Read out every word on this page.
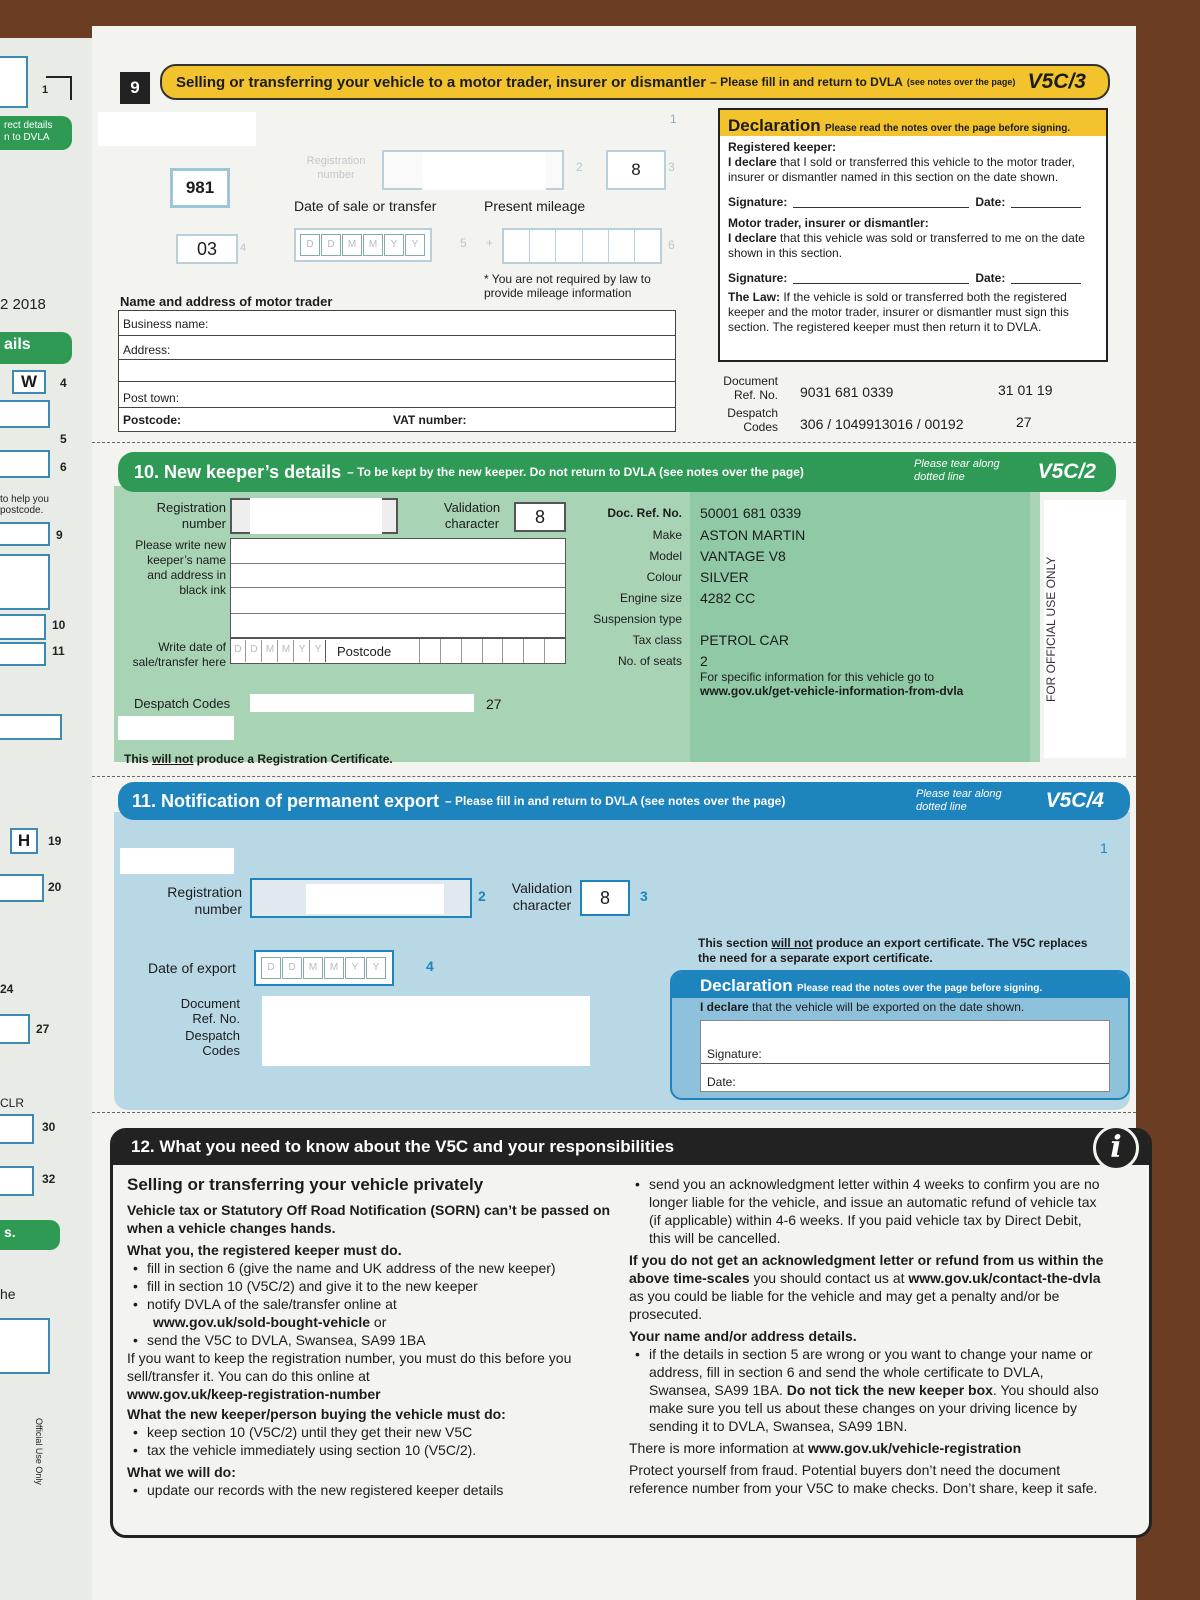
1
rect details
n to DVLA
2 2018
ails
W	4
5
6
to help you
postcode.
9
10
11
H	19
20
24
27
CLR
30
32
s.
he
Official Use Only
9	Selling or transferring your vehicle to a motor trader, insurer or dismantler – Please fill in and return to DVLA (see notes over the page) V5C/3
1
981
Registration number
2	8	3
Date of sale or transfer	Present mileage
03	4	D D M M Y Y	5 +	6
* You are not required by law to provide mileage information
Name and address of motor trader
Business name:
Address:
Post town:
Postcode:	VAT number:
Declaration Please read the notes over the page before signing.
Registered keeper:
I declare that I sold or transferred this vehicle to the motor trader, insurer or dismantler named in this section on the date shown.
Signature:	Date:
Motor trader, insurer or dismantler:
I declare that this vehicle was sold or transferred to me on the date shown in this section.
Signature:	Date:
The Law: If the vehicle is sold or transferred both the registered keeper and the motor trader, insurer or dismantler must sign this section. The registered keeper must then return it to DVLA.
Document Ref. No. 9031 681 0339	31 01 19
Despatch Codes 306 / 1049913016 / 00192	27
10. New keeper’s details – To be kept by the new keeper. Do not return to DVLA (see notes over the page)
Please tear along dotted line	V5C/2
Registration number
Validation character	8
Please write new keeper’s name and address in black ink
Write date of sale/transfer here
D D M M Y Y	Postcode
Despatch Codes	27
This will not produce a Registration Certificate.
Doc. Ref. No. 50001 681 0339
Make ASTON MARTIN
Model VANTAGE V8
Colour SILVER
Engine size 4282 CC
Suspension type
Tax class PETROL CAR
No. of seats 2
For specific information for this vehicle go to
www.gov.uk/get-vehicle-information-from-dvla	FOR OFFICIAL USE ONLY
11. Notification of permanent export – Please fill in and return to DVLA (see notes over the page)	Please tear along dotted line	V5C/4
1
Registration number
2	Validation character	8	3
Date of export	D D M M Y Y	4
Document Ref. No.
Despatch Codes
This section will not produce an export certificate. The V5C replaces the need for a separate export certificate.
Declaration Please read the notes over the page before signing.
I declare that the vehicle will be exported on the date shown.
Signature:
Date:
12. What you need to know about the V5C and your responsibilities	i
Selling or transferring your vehicle privately

Vehicle tax or Statutory Off Road Notification (SORN) can’t be passed on when a vehicle changes hands.

What you, the registered keeper must do.

• fill in section 6 (give the name and UK address of the new keeper)

• fill in section 10 (V5C/2) and give it to the new keeper

• notify DVLA of the sale/transfer online at

www.gov.uk/sold-bought-vehicle or

• send the V5C to DVLA, Swansea, SA99 1BA

If you want to keep the registration number, you must do this before you sell/transfer it. You can do this online at

www.gov.uk/keep-registration-number

What the new keeper/person buying the vehicle must do:

• keep section 10 (V5C/2) until they get their new V5C

• tax the vehicle immediately using section 10 (V5C/2).

What we will do:

• update our records with the new registered keeper details

• send you an acknowledgment letter within 4 weeks to confirm you are no longer liable for the vehicle, and issue an automatic refund of vehicle tax (if applicable) within 4-6 weeks. If you paid vehicle tax by Direct Debit, this will be cancelled.

If you do not get an acknowledgment letter or refund from us within the above time-scales you should contact us at www.gov.uk/contact-the-dvla as you could be liable for the vehicle and may get a penalty and/or be prosecuted.

Your name and/or address details.

• if the details in section 5 are wrong or you want to change your name or address, fill in section 6 and send the whole certificate to DVLA, Swansea, SA99 1BA. Do not tick the new keeper box. You should also make sure you tell us about these changes on your driving licence by sending it to DVLA, Swansea, SA99 1BN.

There is more information at www.gov.uk/vehicle-registration

Protect yourself from fraud. Potential buyers don’t need the document reference number from your V5C to make checks. Don’t share, keep it safe.
